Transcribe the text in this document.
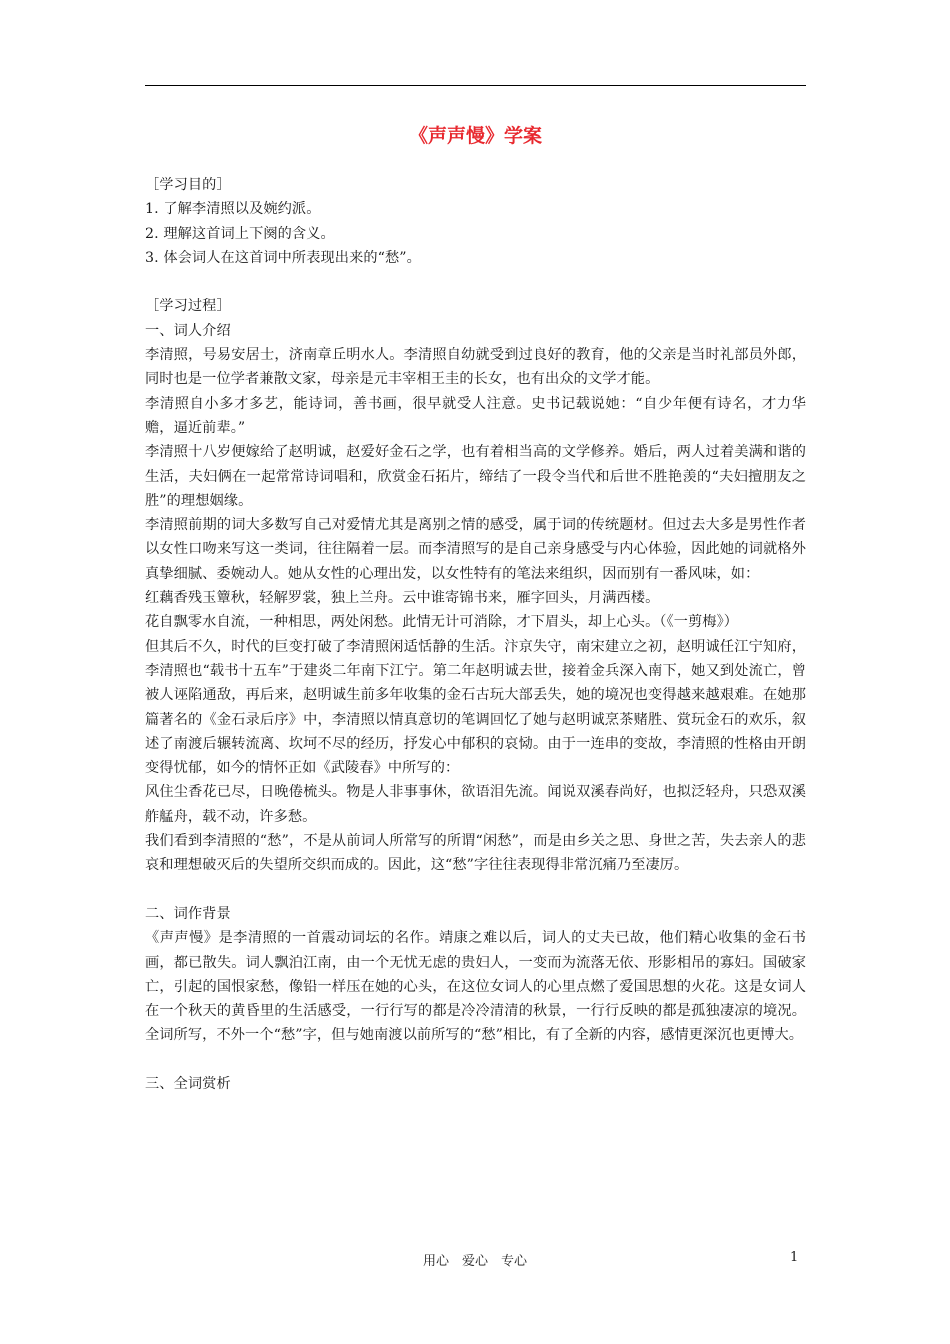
《声声慢》学案

［学习目的］

1. 了解李清照以及婉约派。

2. 理解这首词上下阕的含义。

3. 体会词人在这首词中所表现出来的“愁”。

［学习过程］

一、词人介绍

李清照，号易安居士，济南章丘明水人。李清照自幼就受到过良好的教育，他的父亲是当时礼部员外郎，同时也是一位学者兼散文家，母亲是元丰宰相王圭的长女，也有出众的文学才能。

李清照自小多才多艺，能诗词，善书画，很早就受人注意。史书记载说她：“自少年便有诗名，才力华赡，逼近前辈。”

李清照十八岁便嫁给了赵明诚，赵爱好金石之学，也有着相当高的文学修养。婚后，两人过着美满和谐的生活，夫妇俩在一起常常诗词唱和，欣赏金石拓片，缔结了一段令当代和后世不胜艳羡的“夫妇擅朋友之胜”的理想姻缘。

李清照前期的词大多数写自己对爱情尤其是离别之情的感受，属于词的传统题材。但过去大多是男性作者以女性口吻来写这一类词，往往隔着一层。而李清照写的是自己亲身感受与内心体验，因此她的词就格外真挚细腻、委婉动人。她从女性的心理出发，以女性特有的笔法来组织，因而别有一番风味，如：

红藕香残玉簟秋，轻解罗裳，独上兰舟。云中谁寄锦书来，雁字回头，月满西楼。

花自飘零水自流，一种相思，两处闲愁。此情无计可消除，才下眉头，却上心头。（《一剪梅》）

但其后不久，时代的巨变打破了李清照闲适恬静的生活。汴京失守，南宋建立之初，赵明诚任江宁知府，李清照也“载书十五车”于建炎二年南下江宁。第二年赵明诚去世，接着金兵深入南下，她又到处流亡，曾被人诬陷通敌，再后来，赵明诚生前多年收集的金石古玩大部丢失，她的境况也变得越来越艰难。在她那篇著名的《金石录后序》中，李清照以情真意切的笔调回忆了她与赵明诚烹茶赌胜、赏玩金石的欢乐，叙述了南渡后辗转流离、坎坷不尽的经历，抒发心中郁积的哀恸。由于一连串的变故，李清照的性格由开朗变得忧郁，如今的情怀正如《武陵春》中所写的：

风住尘香花已尽，日晚倦梳头。物是人非事事休，欲语泪先流。闻说双溪春尚好，也拟泛轻舟，只恐双溪舴艋舟，载不动，许多愁。

我们看到李清照的“愁”，不是从前词人所常写的所谓“闲愁”，而是由乡关之思、身世之苦，失去亲人的悲哀和理想破灭后的失望所交织而成的。因此，这“愁”字往往表现得非常沉痛乃至凄厉。

二、词作背景

《声声慢》是李清照的一首震动词坛的名作。靖康之难以后，词人的丈夫已故，他们精心收集的金石书画，都已散失。词人飘泊江南，由一个无忧无虑的贵妇人，一变而为流落无依、形影相吊的寡妇。国破家亡，引起的国恨家愁，像铅一样压在她的心头，在这位女词人的心里点燃了爱国思想的火花。这是女词人在一个秋天的黄昏里的生活感受，一行行写的都是冷冷清清的秋景，一行行反映的都是孤独凄凉的境况。全词所写，不外一个“愁”字，但与她南渡以前所写的“愁”相比，有了全新的内容，感情更深沉也更博大。

三、全词赏析

用心　爱心　专心	1
